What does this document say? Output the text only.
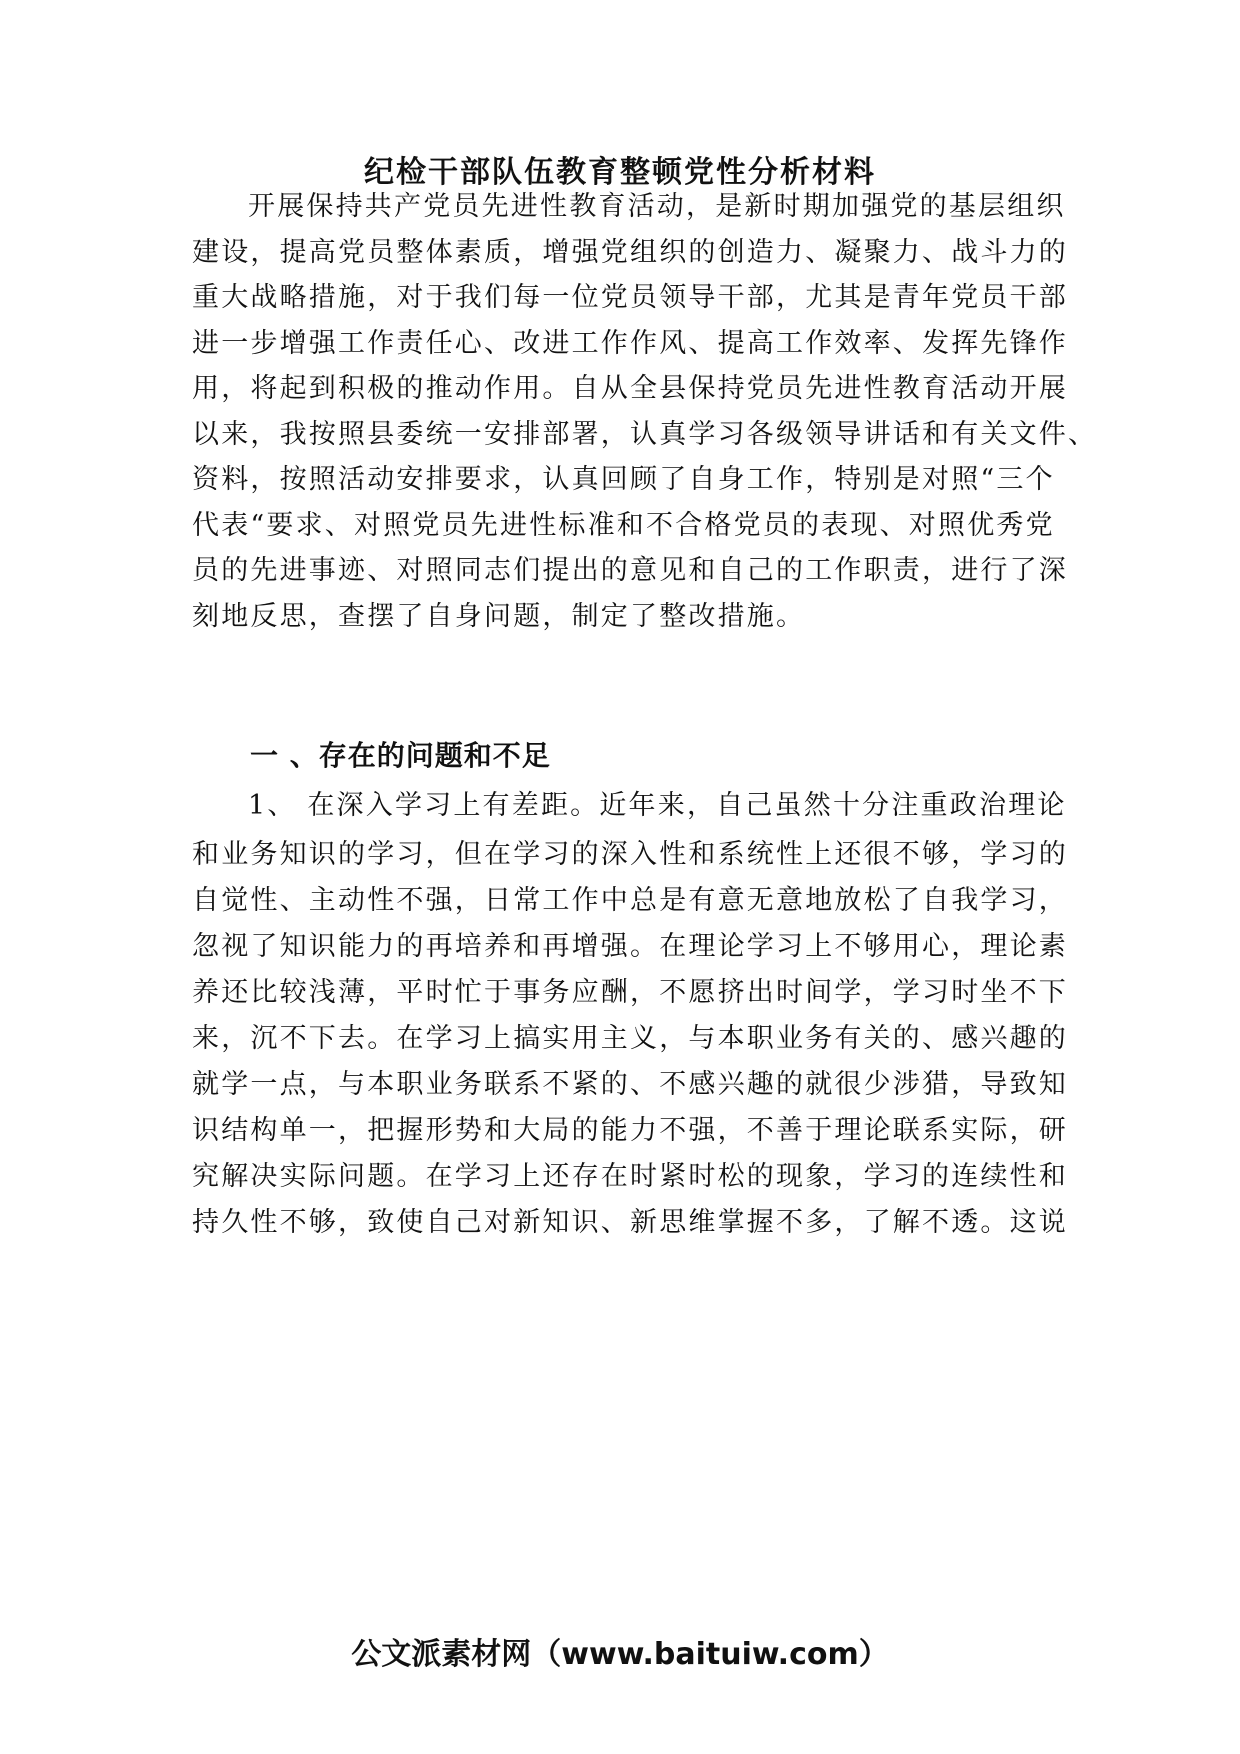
纪检干部队伍教育整顿党性分析材料
开展保持共产党员先进性教育活动，是新时期加强党的基层组织
建设，提高党员整体素质，增强党组织的创造力、凝聚力、战斗力的
重大战略措施，对于我们每一位党员领导干部，尤其是青年党员干部
进一步增强工作责任心、改进工作作风、提高工作效率、发挥先锋作
用，将起到积极的推动作用。自从全县保持党员先进性教育活动开展
以来，我按照县委统一安排部署，认真学习各级领导讲话和有关文件、
资料，按照活动安排要求，认真回顾了自身工作，特别是对照“三个
代表“要求、对照党员先进性标准和不合格党员的表现、对照优秀党
员的先进事迹、对照同志们提出的意见和自己的工作职责，进行了深
刻地反思，查摆了自身问题，制定了整改措施。
一 、存在的问题和不足
1、 在深入学习上有差距。近年来，自己虽然十分注重政治理论
和业务知识的学习，但在学习的深入性和系统性上还很不够，学习的
自觉性、主动性不强，日常工作中总是有意无意地放松了自我学习，
忽视了知识能力的再培养和再增强。在理论学习上不够用心，理论素
养还比较浅薄，平时忙于事务应酬，不愿挤出时间学，学习时坐不下
来，沉不下去。在学习上搞实用主义，与本职业务有关的、感兴趣的
就学一点，与本职业务联系不紧的、不感兴趣的就很少涉猎，导致知
识结构单一，把握形势和大局的能力不强，不善于理论联系实际，研
究解决实际问题。在学习上还存在时紧时松的现象，学习的连续性和
持久性不够，致使自己对新知识、新思维掌握不多，了解不透。这说
公文派素材网（www.baituiw.com）
